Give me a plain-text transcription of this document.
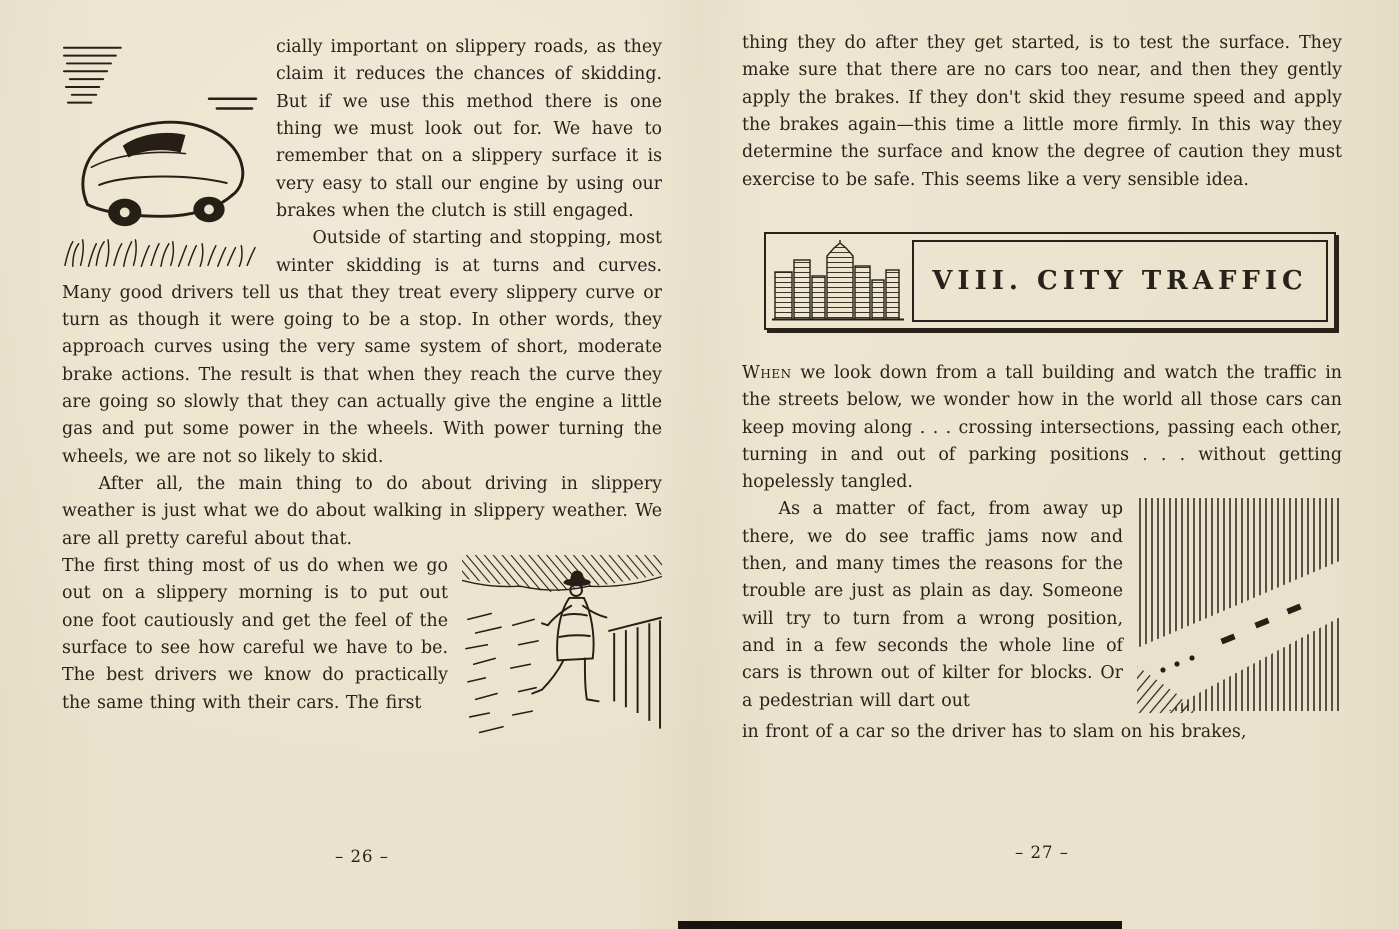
cially important on slippery roads, as they claim it reduces the chances of skidding. But if we use this method there is one thing we must look out for. We have to remember that on a slippery surface it is very easy to stall our engine by using our brakes when the clutch is still engaged.

Outside of starting and stopping, most winter skidding is at turns and curves. Many good drivers tell us that they treat every slippery curve or turn as though it were going to be a stop. In other words, they approach curves using the very same system of short, moderate brake actions. The result is that when they reach the curve they are going so slowly that they can actually give the engine a little gas and put some power in the wheels. With power turning the wheels, we are not so likely to skid.

After all, the main thing to do about driving in slippery weather is just what we do about walking in slippery weather. We are all pretty careful about that.

The first thing most of us do when we go out on a slippery morning is to put out one foot cautiously and get the feel of the surface to see how careful we have to be. The best drivers we know do practically the same thing with their cars. The first

– 26 –

thing they do after they get started, is to test the surface. They make sure that there are no cars too near, and then they gently apply the brakes. If they don't skid they resume speed and apply the brakes again—this time a little more firmly. In this way they determine the surface and know the degree of caution they must exercise to be safe. This seems like a very sensible idea.

VIII. CITY TRAFFIC

When we look down from a tall building and watch the traffic in the streets below, we wonder how in the world all those cars can keep moving along . . . crossing intersections, passing each other, turning in and out of parking positions . . . without getting hopelessly tangled.

As a matter of fact, from away up there, we do see traffic jams now and then, and many times the reasons for the trouble are just as plain as day. Someone will try to turn from a wrong position, and in a few seconds the whole line of cars is thrown out of kilter for blocks. Or a pedestrian will dart out

in front of a car so the driver has to slam on his brakes,

– 27 –
